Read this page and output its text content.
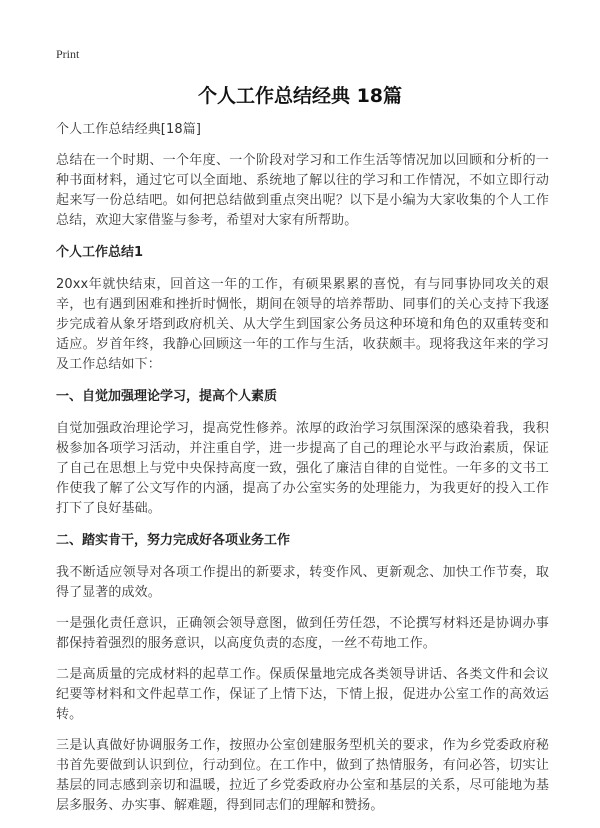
Print
个人工作总结经典 18篇

个人工作总结经典[18篇]

总结在一个时期、一个年度、一个阶段对学习和工作生活等情况加以回顾和分析的一种书面材料，通过它可以全面地、系统地了解以往的学习和工作情况，不如立即行动起来写一份总结吧。如何把总结做到重点突出呢？以下是小编为大家收集的个人工作总结，欢迎大家借鉴与参考，希望对大家有所帮助。

个人工作总结1

20xx年就快结束，回首这一年的工作，有硕果累累的喜悦，有与同事协同攻关的艰辛，也有遇到困难和挫折时惆怅，期间在领导的培养帮助、同事们的关心支持下我逐步完成着从象牙塔到政府机关、从大学生到国家公务员这种环境和角色的双重转变和适应。岁首年终，我静心回顾这一年的工作与生活，收获颇丰。现将我这年来的学习及工作总结如下：

一、自觉加强理论学习，提高个人素质

自觉加强政治理论学习，提高党性修养。浓厚的政治学习氛围深深的感染着我，我积极参加各项学习活动，并注重自学，进一步提高了自己的理论水平与政治素质，保证了自己在思想上与党中央保持高度一致，强化了廉洁自律的自觉性。一年多的文书工作使我了解了公文写作的内涵，提高了办公室实务的处理能力，为我更好的投入工作打下了良好基础。

二、踏实肯干，努力完成好各项业务工作

我不断适应领导对各项工作提出的新要求，转变作风、更新观念、加快工作节奏，取得了显著的成效。

一是强化责任意识，正确领会领导意图，做到任劳任怨，不论撰写材料还是协调办事都保持着强烈的服务意识，以高度负责的态度，一丝不苟地工作。

二是高质量的完成材料的起草工作。保质保量地完成各类领导讲话、各类文件和会议纪要等材料和文件起草工作，保证了上情下达，下情上报，促进办公室工作的高效运转。

三是认真做好协调服务工作，按照办公室创建服务型机关的要求，作为乡党委政府秘书首先要做到认识到位，行动到位。在工作中，做到了热情服务，有问必答，切实让基层的同志感到亲切和温暖，拉近了乡党委政府办公室和基层的关系，尽可能地为基层多服务、办实事、解难题，得到同志们的理解和赞扬。
